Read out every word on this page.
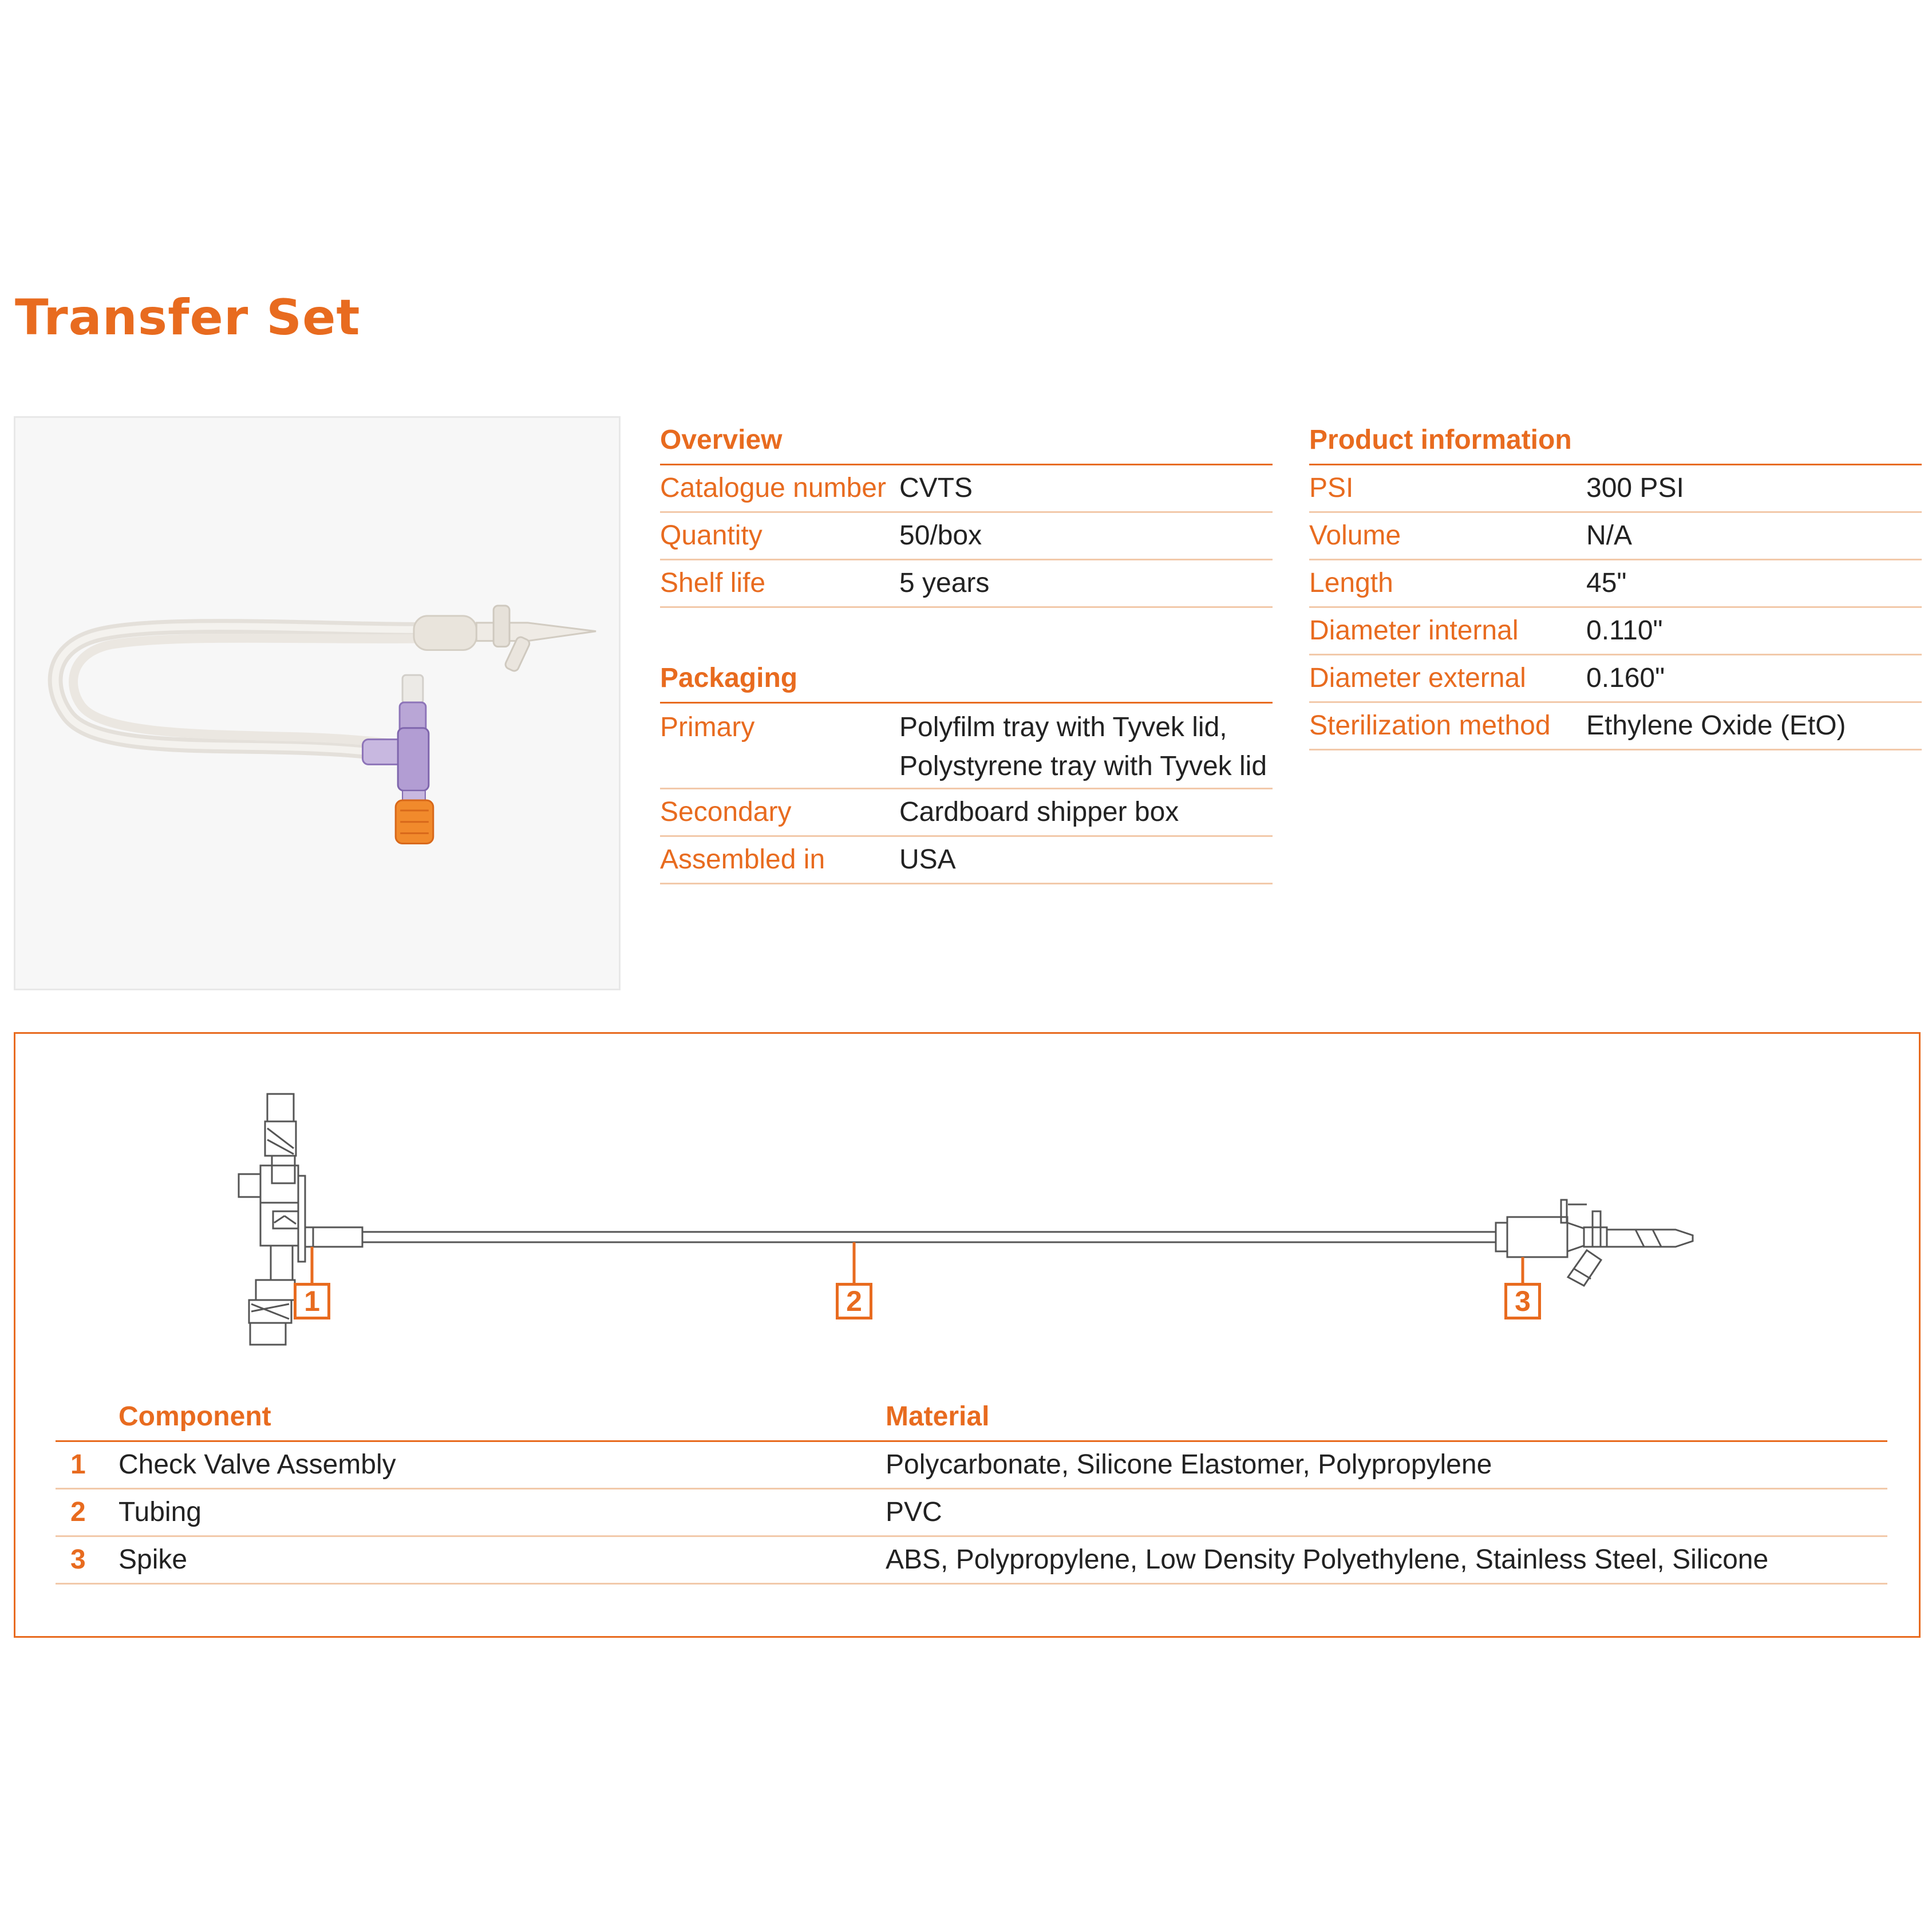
Transfer Set
Overview
Catalogue number CVTS
Quantity	50/box
Shelf life	5 years
Packaging
Primary	Polyfilm tray with Tyvek lid,
Polystyrene tray with Tyvek lid
Secondary	Cardboard shipper box
Assembled in	USA
Product information
PSI	300 PSI
Volume	N/A
Length	45"
Diameter internal	0.110"
Diameter external	0.160"
Sterilization method	Ethylene Oxide (EtO)
1	2	3
Component	Material
1	Check Valve Assembly	Polycarbonate, Silicone Elastomer, Polypropylene
2	Tubing	PVC
3	Spike	ABS, Polypropylene, Low Density Polyethylene, Stainless Steel, Silicone
